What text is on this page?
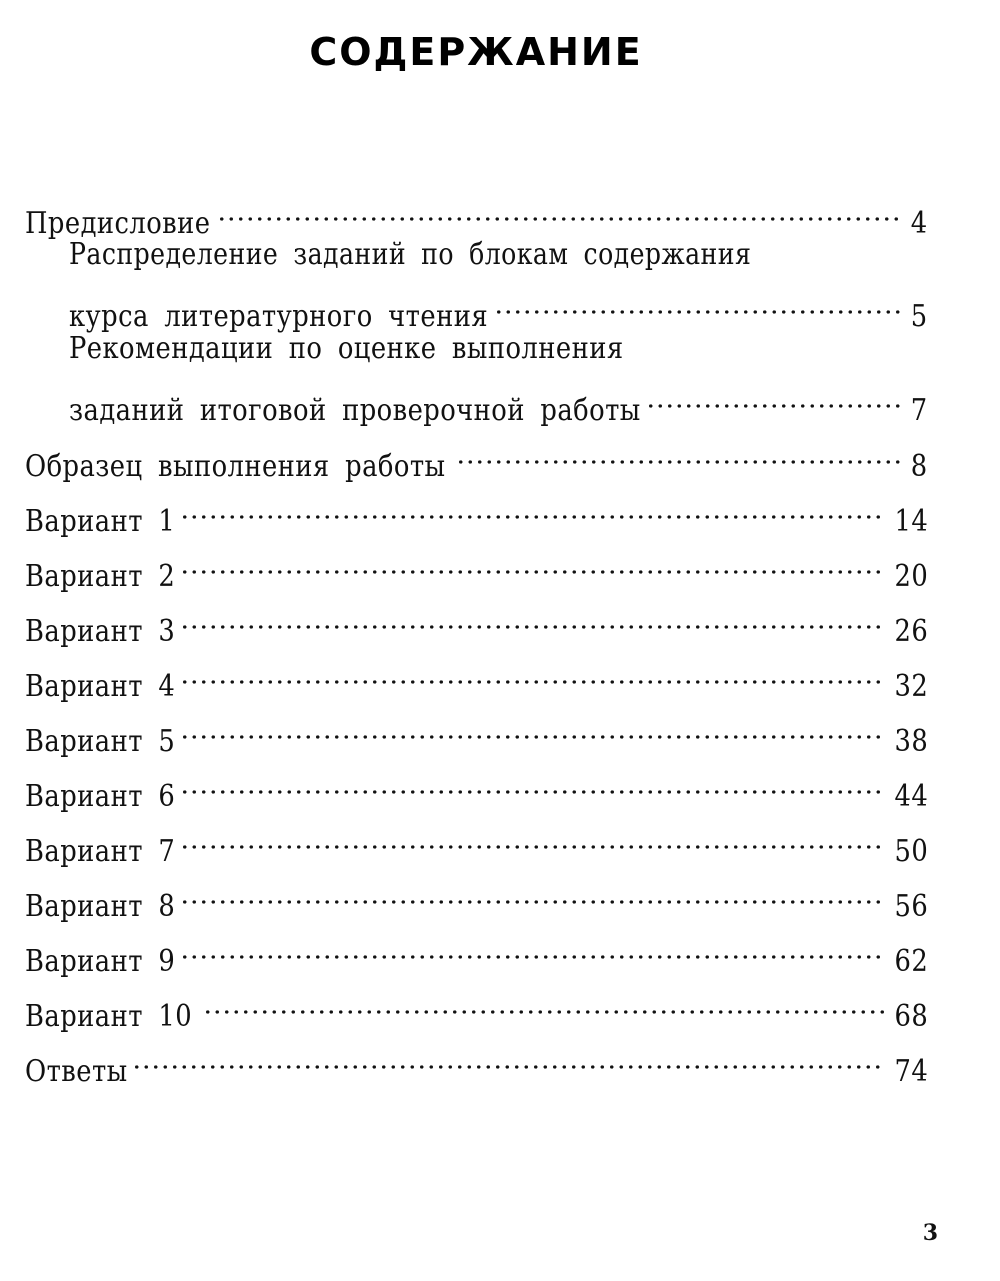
СОДЕРЖАНИЕ
Предисловие	4
Распределение заданий по блокам содержания
курса литературного чтения	5
Рекомендации по оценке выполнения
заданий итоговой проверочной работы	7
Образец выполнения работы	8
Вариант 1	14
Вариант 2	20
Вариант 3	26
Вариант 4	32
Вариант 5	38
Вариант 6	44
Вариант 7	50
Вариант 8	56
Вариант 9	62
Вариант 10	68
Ответы	74
3
